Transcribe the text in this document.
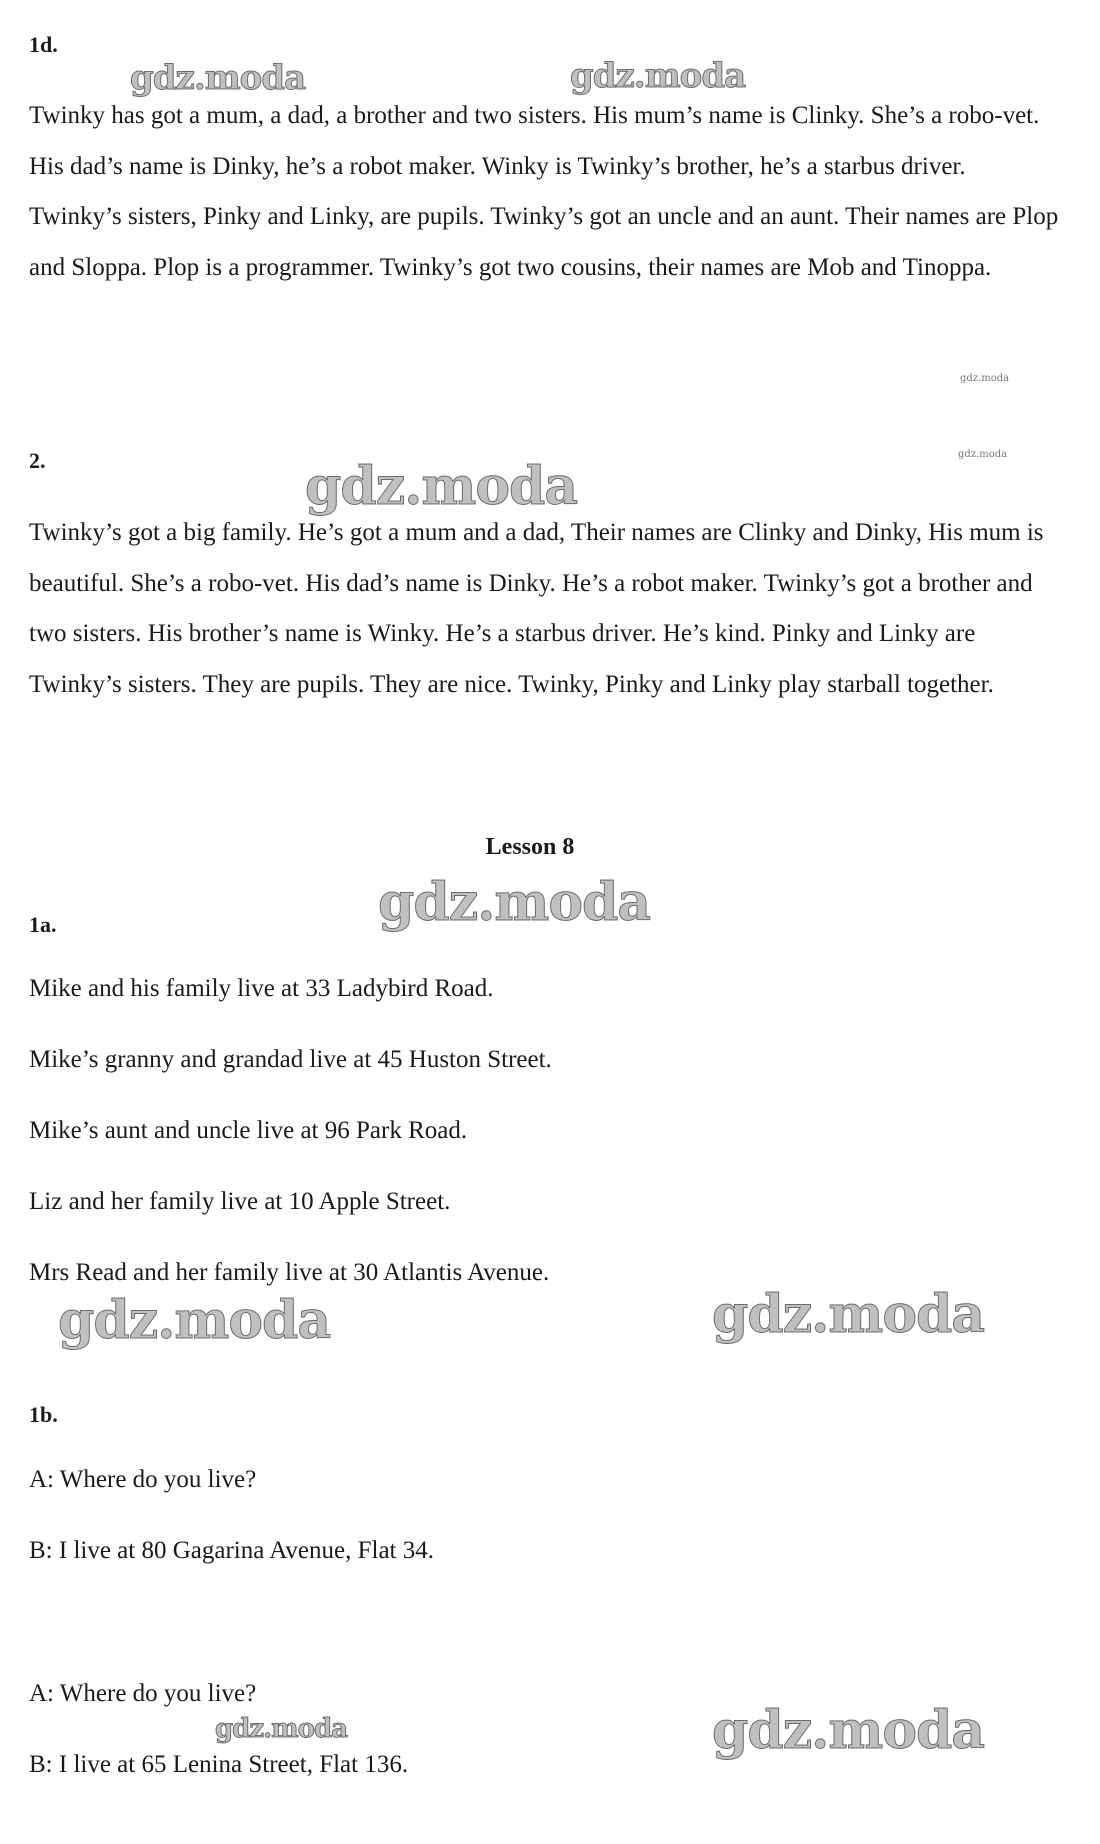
1d.
Twinky has got a mum, a dad, a brother and two sisters. His mum’s name is Clinky. She’s a robo-vet. His dad’s name is Dinky, he’s a robot maker. Winky is Twinky’s brother, he’s a starbus driver. Twinky’s sisters, Pinky and Linky, are pupils. Twinky’s got an uncle and an aunt. Their names are Plop and Sloppa. Plop is a programmer. Twinky’s got two cousins, their names are Mob and Tinoppa.
2.
Twinky’s got a big family. He’s got a mum and a dad, Their names are Clinky and Dinky, His mum is beautiful. She’s a robo-vet. His dad’s name is Dinky. He’s a robot maker. Twinky’s got a brother and two sisters. His brother’s name is Winky. He’s a starbus driver. He’s kind. Pinky and Linky are Twinky’s sisters. They are pupils. They are nice. Twinky, Pinky and Linky play starball together.
Lesson 8
1a.
Mike and his family live at 33 Ladybird Road.
Mike’s granny and grandad live at 45 Huston Street.
Mike’s aunt and uncle live at 96 Park Road.
Liz and her family live at 10 Apple Street.
Mrs Read and her family live at 30 Atlantis Avenue.
1b.
A: Where do you live?
B: I live at 80 Gagarina Avenue, Flat 34.
A: Where do you live?
B: I live at 65 Lenina Street, Flat 136.
gdz.moda	gdz.moda
gdz.moda
gdz.moda
gdz.moda
gdz.moda
gdz.moda	gdz.moda
gdz.moda
gdz.moda
